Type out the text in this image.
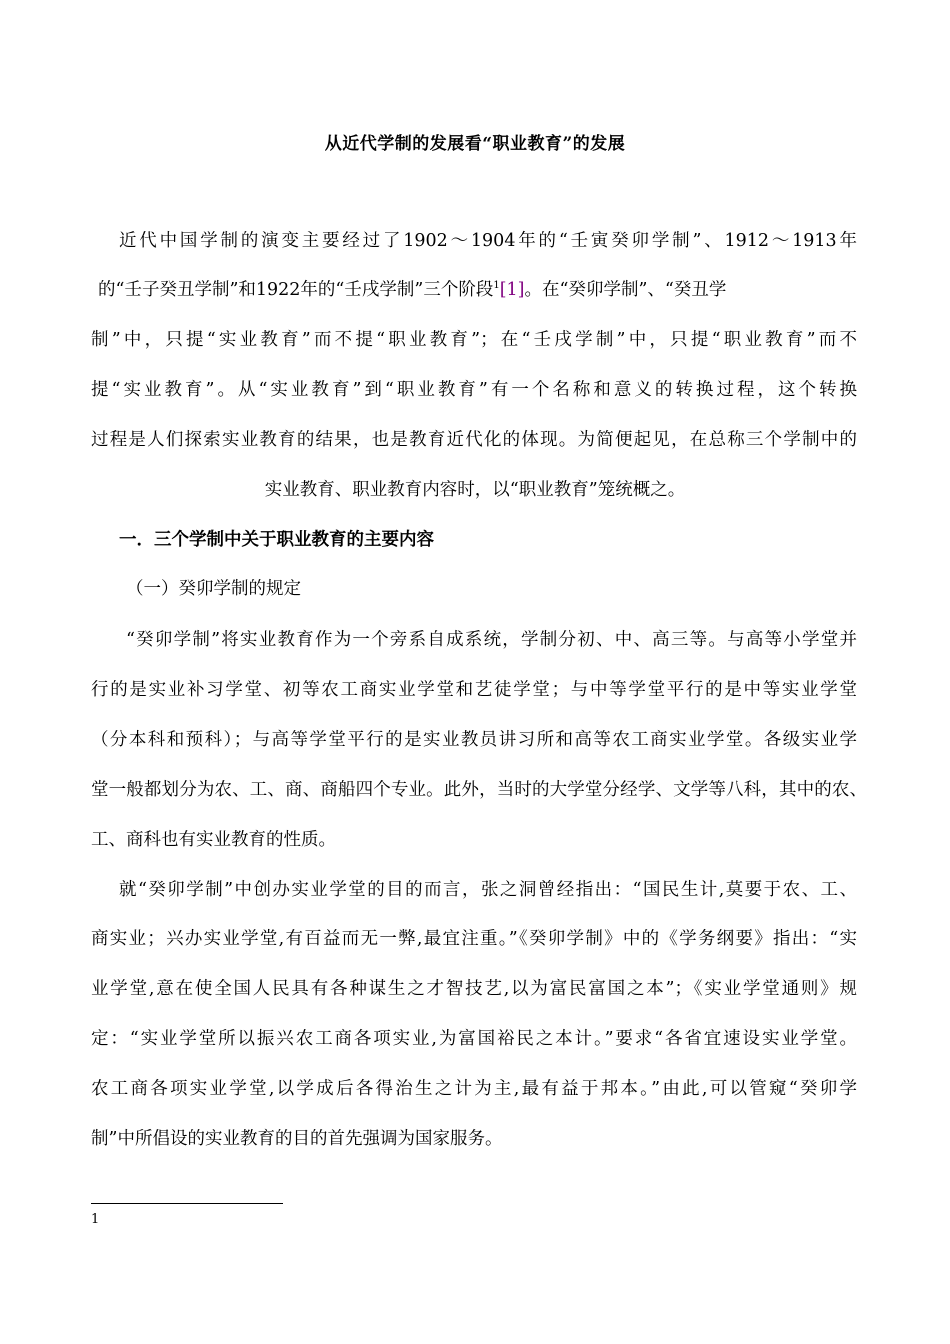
从近代学制的发展看“职业教育”的发展
近代中国学制的演变主要经过了1902～1904年的“壬寅癸卯学制”、1912～1913年
的“壬子癸丑学制”和1922年的“壬戌学制”三个阶段$^1$[1]。在“癸卯学制”、“癸丑学
制”中，只提“实业教育”而不提“职业教育”；在“壬戌学制”中，只提“职业教育”而不
提“实业教育”。从“实业教育”到“职业教育”有一个名称和意义的转换过程，这个转换
过程是人们探索实业教育的结果，也是教育近代化的体现。为简便起见，在总称三个学制中的
实业教育、职业教育内容时，以“职业教育”笼统概之。
一．三个学制中关于职业教育的主要内容
（一）癸卯学制的规定
“癸卯学制”将实业教育作为一个旁系自成系统，学制分初、中、高三等。与高等小学堂并
行的是实业补习学堂、初等农工商实业学堂和艺徒学堂；与中等学堂平行的是中等实业学堂
（分本科和预科）；与高等学堂平行的是实业教员讲习所和高等农工商实业学堂。各级实业学
堂一般都划分为农、工、商、商船四个专业。此外，当时的大学堂分经学、文学等八科，其中的农、
工、商科也有实业教育的性质。
就“癸卯学制”中创办实业学堂的目的而言，张之洞曾经指出：“国民生计,莫要于农、工、
商实业；兴办实业学堂,有百益而无一弊,最宜注重。”《癸卯学制》中的《学务纲要》指出：“实
业学堂,意在使全国人民具有各种谋生之才智技艺,以为富民富国之本”；《实业学堂通则》规
定：“实业学堂所以振兴农工商各项实业,为富国裕民之本计。”要求“各省宜速设实业学堂。
农工商各项实业学堂,以学成后各得治生之计为主,最有益于邦本。”由此,可以管窥“癸卯学
制”中所倡设的实业教育的目的首先强调为国家服务。
1
